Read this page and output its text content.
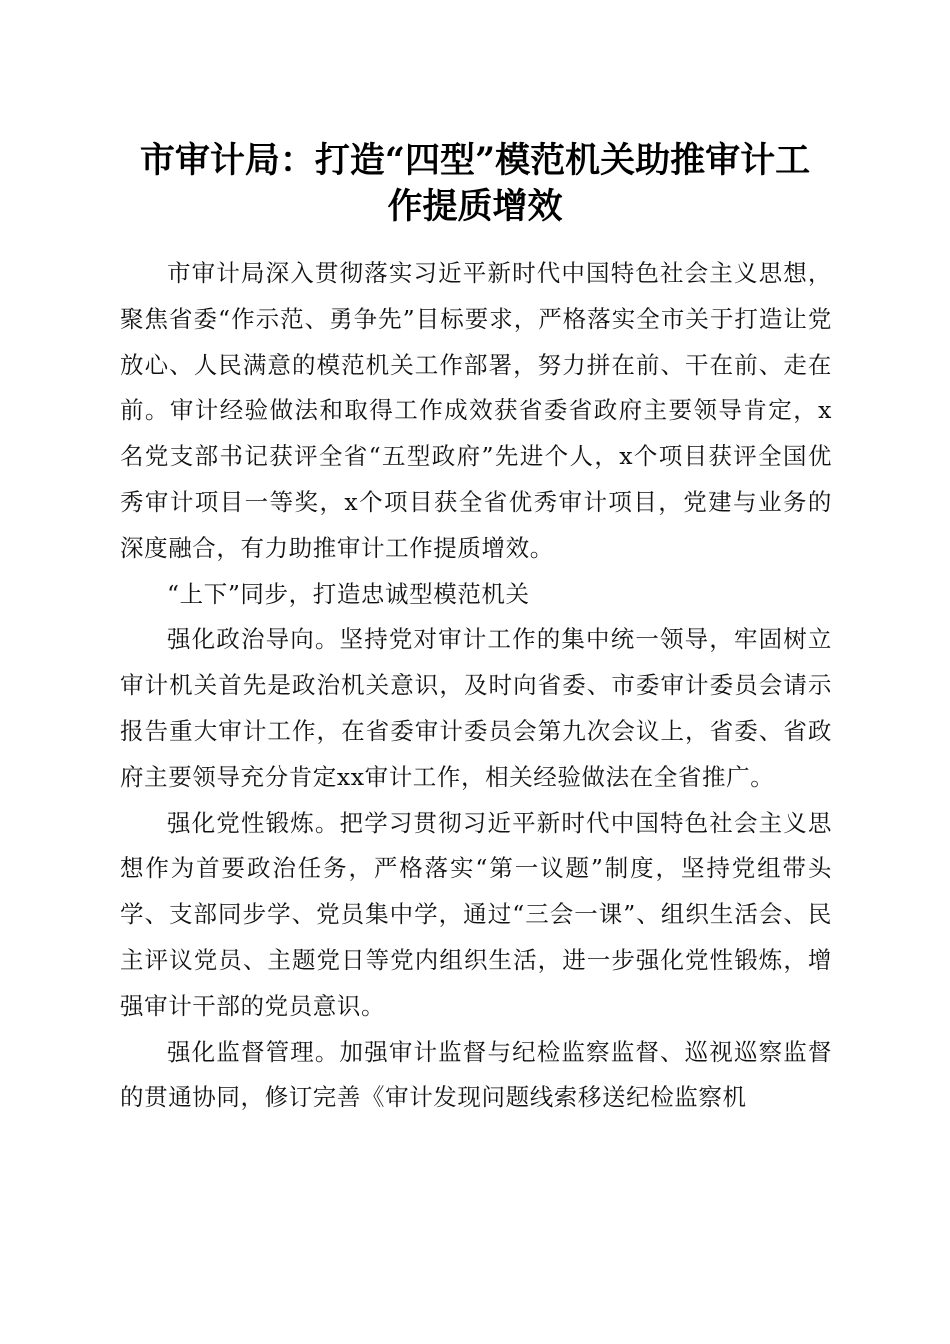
市审计局：打造“四型”模范机关助推审计工
作提质增效

市审计局深入贯彻落实习近平新时代中国特色社会主义思想，聚焦省委“作示范、勇争先”目标要求，严格落实全市关于打造让党放心、人民满意的模范机关工作部署，努力拼在前、干在前、走在前。审计经验做法和取得工作成效获省委省政府主要领导肯定，x名党支部书记获评全省“五型政府”先进个人，x个项目获评全国优秀审计项目一等奖，x个项目获全省优秀审计项目，党建与业务的深度融合，有力助推审计工作提质增效。

“上下”同步，打造忠诚型模范机关

强化政治导向。坚持党对审计工作的集中统一领导，牢固树立审计机关首先是政治机关意识，及时向省委、市委审计委员会请示报告重大审计工作，在省委审计委员会第九次会议上，省委、省政府主要领导充分肯定xx审计工作，相关经验做法在全省推广。

强化党性锻炼。把学习贯彻习近平新时代中国特色社会主义思想作为首要政治任务，严格落实“第一议题”制度，坚持党组带头学、支部同步学、党员集中学，通过“三会一课”、组织生活会、民主评议党员、主题党日等党内组织生活，进一步强化党性锻炼，增强审计干部的党员意识。

强化监督管理。加强审计监督与纪检监察监督、巡视巡察监督的贯通协同，修订完善《审计发现问题线索移送纪检监察机
